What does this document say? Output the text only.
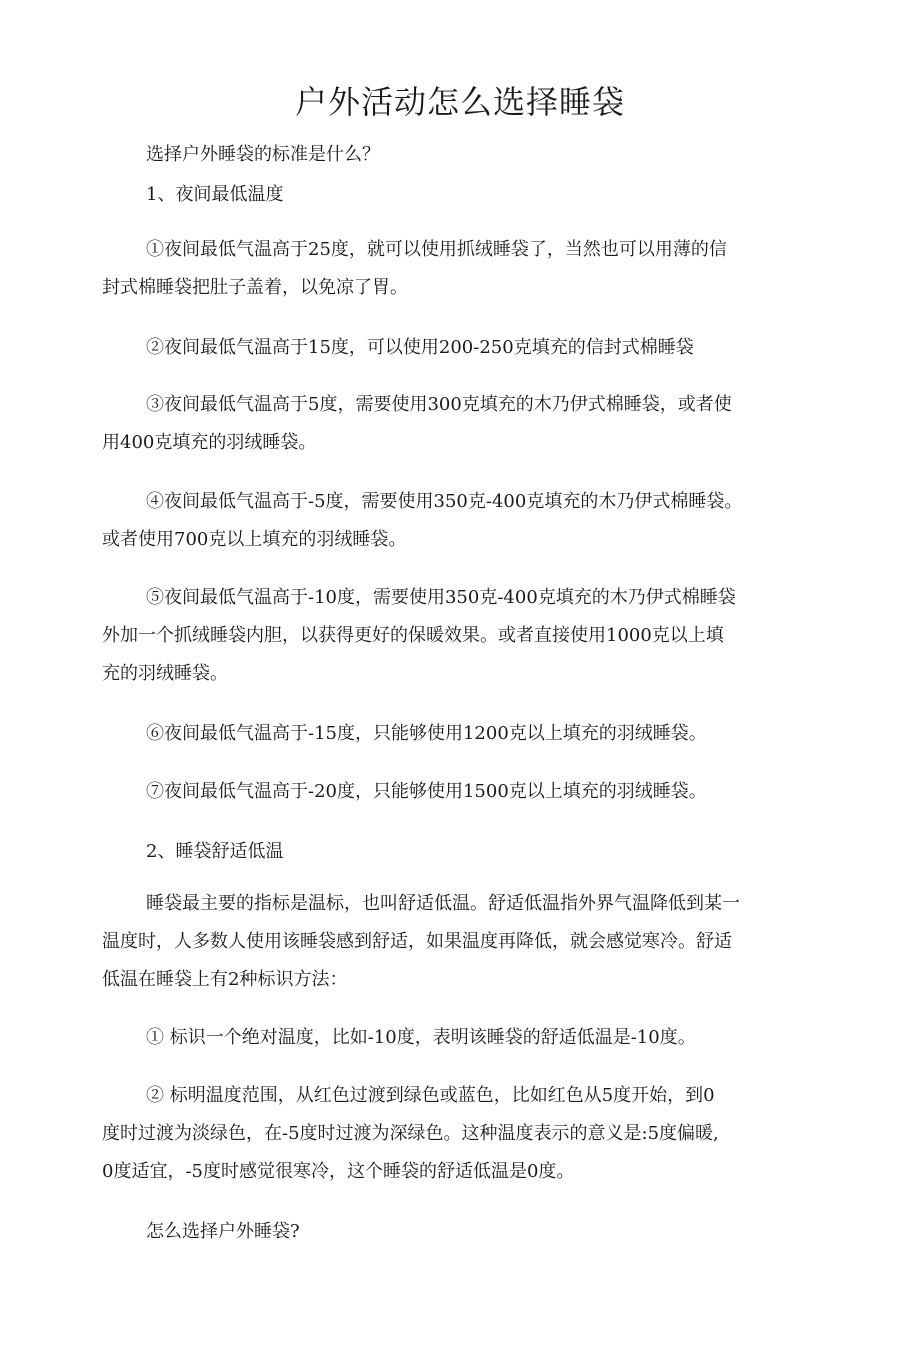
户外活动怎么选择睡袋

选择户外睡袋的标准是什么？

1、夜间最低温度

①夜间最低气温高于25度，就可以使用抓绒睡袋了，当然也可以用薄的信
封式棉睡袋把肚子盖着，以免凉了胃。
②夜间最低气温高于15度，可以使用200-250克填充的信封式棉睡袋
③夜间最低气温高于5度，需要使用300克填充的木乃伊式棉睡袋，或者使
用400克填充的羽绒睡袋。
④夜间最低气温高于-5度，需要使用350克-400克填充的木乃伊式棉睡袋。
或者使用700克以上填充的羽绒睡袋。
⑤夜间最低气温高于-10度，需要使用350克-400克填充的木乃伊式棉睡袋
外加一个抓绒睡袋内胆，以获得更好的保暖效果。或者直接使用1000克以上填
充的羽绒睡袋。
⑥夜间最低气温高于-15度，只能够使用1200克以上填充的羽绒睡袋。
⑦夜间最低气温高于-20度，只能够使用1500克以上填充的羽绒睡袋。

2、睡袋舒适低温

睡袋最主要的指标是温标，也叫舒适低温。舒适低温指外界气温降低到某一
温度时，人多数人使用该睡袋感到舒适，如果温度再降低，就会感觉寒冷。舒适
低温在睡袋上有2种标识方法：
① 标识一个绝对温度，比如-10度，表明该睡袋的舒适低温是-10度。
② 标明温度范围，从红色过渡到绿色或蓝色，比如红色从5度开始，到0
度时过渡为淡绿色，在-5度时过渡为深绿色。这种温度表示的意义是:5度偏暖,
0度适宜，-5度时感觉很寒冷，这个睡袋的舒适低温是0度。

怎么选择户外睡袋?
